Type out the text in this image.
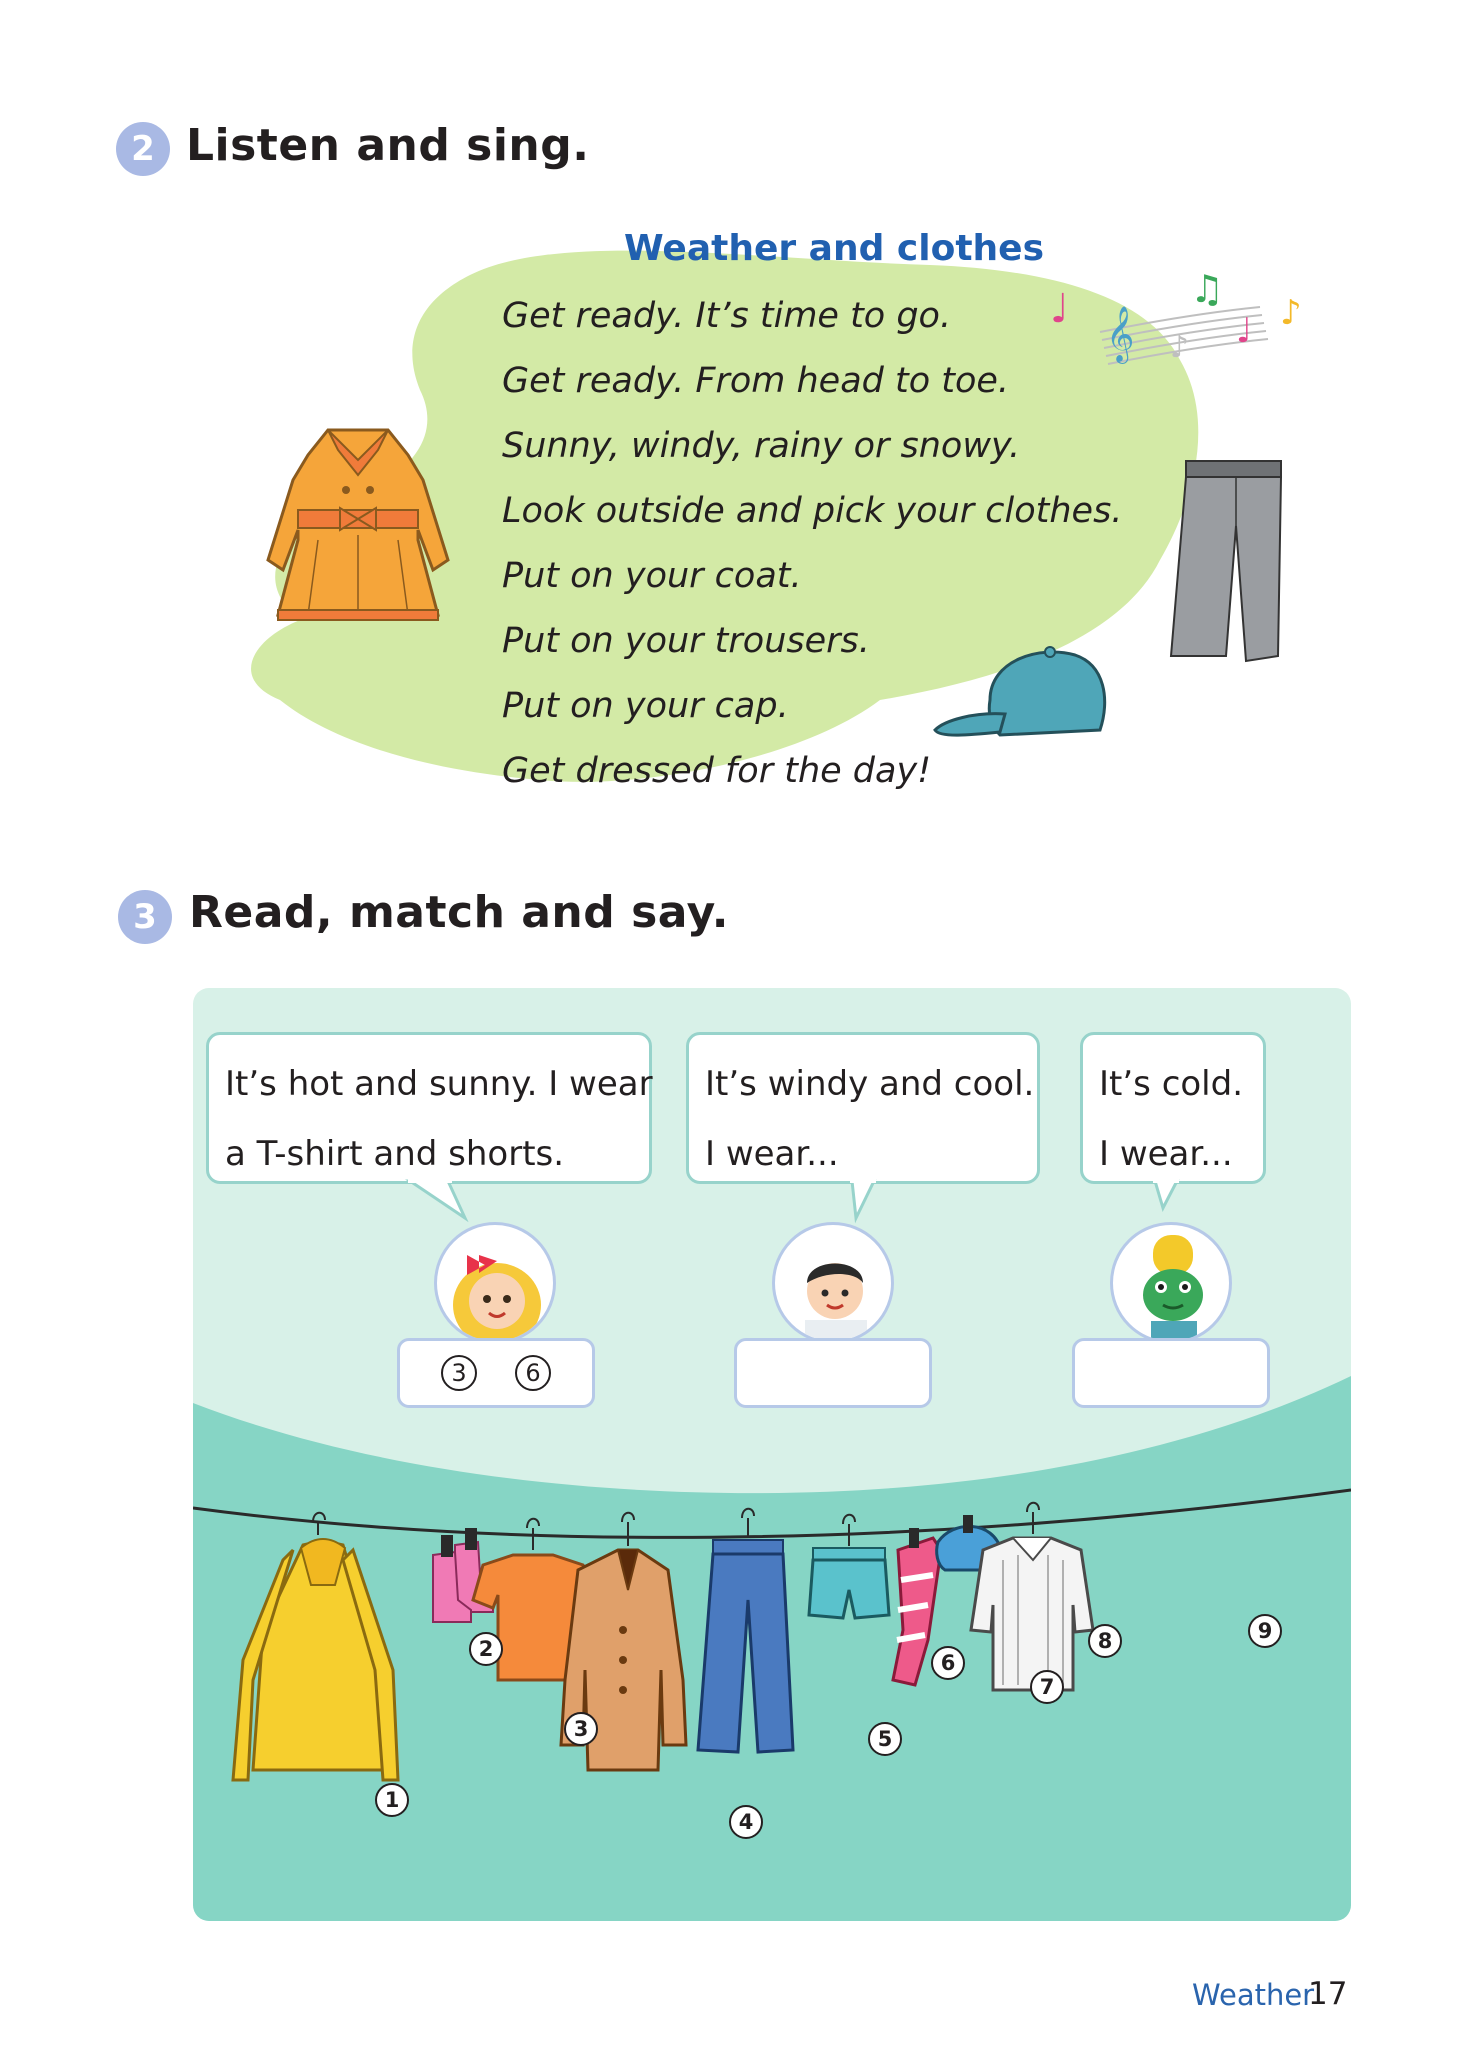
2 Listen and sing.
Weather and clothes
Get ready. It’s time to go.
Get ready. From head to toe.
Sunny, windy, rainy or snowy.
Look outside and pick your clothes.
Put on your coat.
Put on your trousers.
Put on your cap.
Get dressed for the day!
𝄞
♩	♫
♪ ♩ ♪
3 Read, match and say.
It’s hot and sunny. I wear
a T-shirt and shorts.
It’s windy and cool.
I wear...
It’s cold.
I wear...
3	6
1
2
3
4
5
6
7
8	9
Weather
17
